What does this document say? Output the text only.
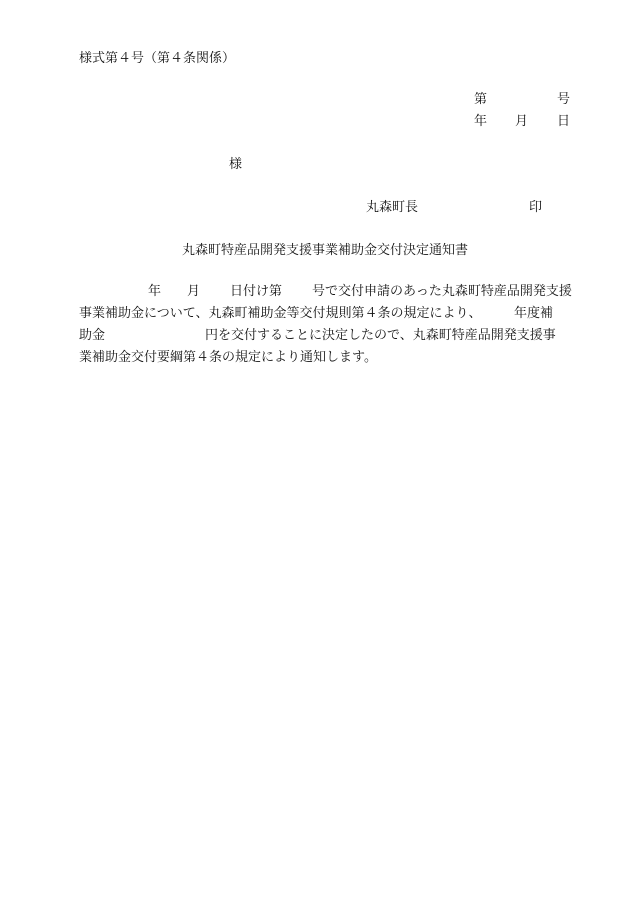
様式第４号（第４条関係）
第	号
年 月 日
様
丸森町長	印
丸森町特産品開発支援事業補助金交付決定通知書
年 月 日付け第 号で交付申請のあった丸森町特産品開発支援
事業補助金について、丸森町補助金等交付規則第４条の規定により、　　　年度補
助金	円を交付することに決定したので、丸森町特産品開発支援事
業補助金交付要綱第４条の規定により通知します。
